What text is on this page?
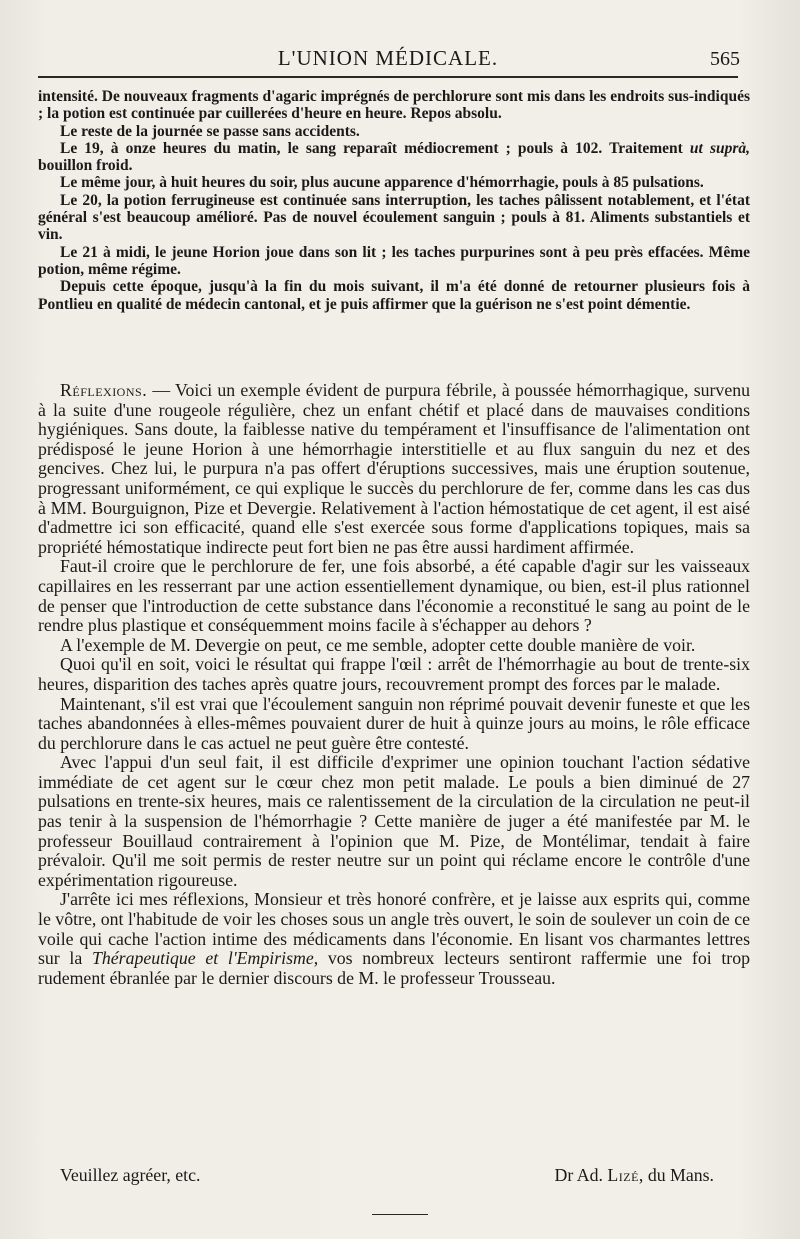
L'UNION MÉDICALE.	565

intensité. De nouveaux fragments d'agaric imprégnés de perchlorure sont mis dans les endroits sus-indiqués ; la potion est continuée par cuillerées d'heure en heure. Repos absolu.

Le reste de la journée se passe sans accidents.

Le 19, à onze heures du matin, le sang reparaît médiocrement ; pouls à 102. Traitement ut suprà, bouillon froid.

Le même jour, à huit heures du soir, plus aucune apparence d'hémorrhagie, pouls à 85 pulsations.

Le 20, la potion ferrugineuse est continuée sans interruption, les taches pâlissent notablement, et l'état général s'est beaucoup amélioré. Pas de nouvel écoulement sanguin ; pouls à 81. Aliments substantiels et vin.

Le 21 à midi, le jeune Horion joue dans son lit ; les taches purpurines sont à peu près effacées. Même potion, même régime.

Depuis cette époque, jusqu'à la fin du mois suivant, il m'a été donné de retourner plusieurs fois à Pontlieu en qualité de médecin cantonal, et je puis affirmer que la guérison ne s'est point démentie.

Réflexions. — Voici un exemple évident de purpura fébrile, à poussée hémorrhagique, survenu à la suite d'une rougeole régulière, chez un enfant chétif et placé dans de mauvaises conditions hygiéniques. Sans doute, la faiblesse native du tempérament et l'insuffisance de l'alimentation ont prédisposé le jeune Horion à une hémorrhagie interstitielle et au flux sanguin du nez et des gencives. Chez lui, le purpura n'a pas offert d'éruptions successives, mais une éruption soutenue, progressant uniformément, ce qui explique le succès du perchlorure de fer, comme dans les cas dus à MM. Bourguignon, Pize et Devergie. Relativement à l'action hémostatique de cet agent, il est aisé d'admettre ici son efficacité, quand elle s'est exercée sous forme d'applications topiques, mais sa propriété hémostatique indirecte peut fort bien ne pas être aussi hardiment affirmée.

Faut-il croire que le perchlorure de fer, une fois absorbé, a été capable d'agir sur les vaisseaux capillaires en les resserrant par une action essentiellement dynamique, ou bien, est-il plus rationnel de penser que l'introduction de cette substance dans l'économie a reconstitué le sang au point de le rendre plus plastique et conséquemment moins facile à s'échapper au dehors ?

A l'exemple de M. Devergie on peut, ce me semble, adopter cette double manière de voir.

Quoi qu'il en soit, voici le résultat qui frappe l'œil : arrêt de l'hémorrhagie au bout de trente-six heures, disparition des taches après quatre jours, recouvrement prompt des forces par le malade.

Maintenant, s'il est vrai que l'écoulement sanguin non réprimé pouvait devenir funeste et que les taches abandonnées à elles-mêmes pouvaient durer de huit à quinze jours au moins, le rôle efficace du perchlorure dans le cas actuel ne peut guère être contesté.

Avec l'appui d'un seul fait, il est difficile d'exprimer une opinion touchant l'action sédative immédiate de cet agent sur le cœur chez mon petit malade. Le pouls a bien diminué de 27 pulsations en trente-six heures, mais ce ralentissement de la circulation de la circulation ne peut-il pas tenir à la suspension de l'hémorrhagie ? Cette manière de juger a été manifestée par M. le professeur Bouillaud contrairement à l'opinion que M. Pize, de Montélimar, tendait à faire prévaloir. Qu'il me soit permis de rester neutre sur un point qui réclame encore le contrôle d'une expérimentation rigoureuse.

J'arrête ici mes réflexions, Monsieur et très honoré confrère, et je laisse aux esprits qui, comme le vôtre, ont l'habitude de voir les choses sous un angle très ouvert, le soin de soulever un coin de ce voile qui cache l'action intime des médicaments dans l'économie. En lisant vos charmantes lettres sur la Thérapeutique et l'Empirisme, vos nombreux lecteurs sentiront raffermie une foi trop rudement ébranlée par le dernier discours de M. le professeur Trousseau.

Veuillez agréer, etc.	Dr Ad. Lizé, du Mans.
